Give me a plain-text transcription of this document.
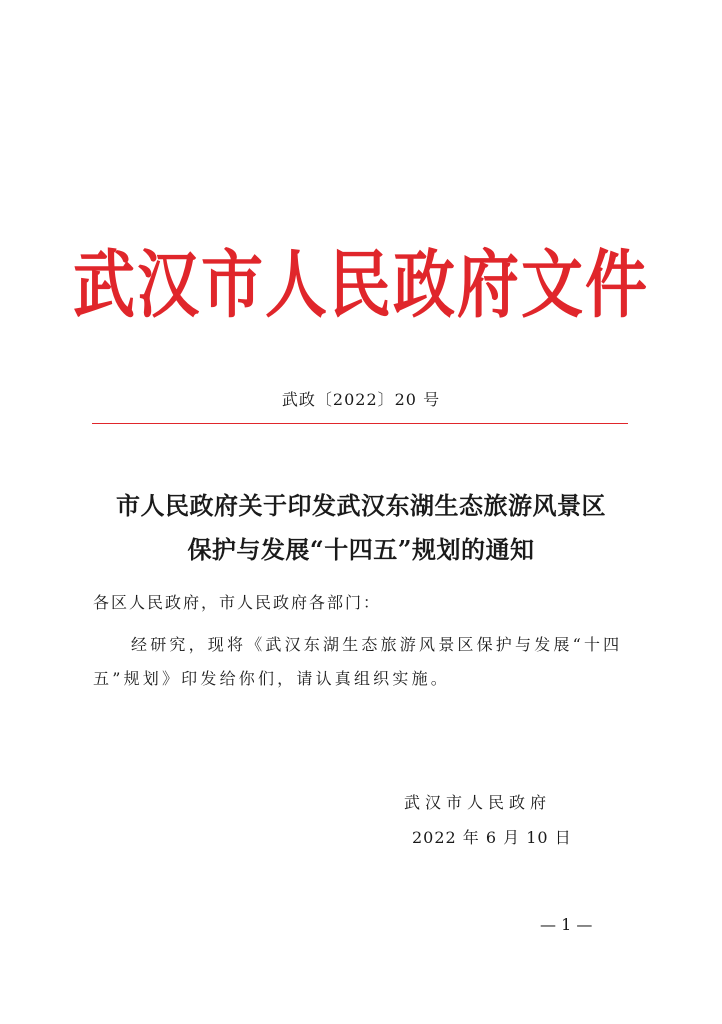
武汉市人民政府文件
武政〔2022〕20 号
市人民政府关于印发武汉东湖生态旅游风景区
保护与发展“十四五”规划的通知
各区人民政府，市人民政府各部门：
经研究，现将《武汉东湖生态旅游风景区保护与发展“十四
五”规划》印发给你们，请认真组织实施。
武汉市人民政府
2022 年 6 月 10 日
— 1 —
